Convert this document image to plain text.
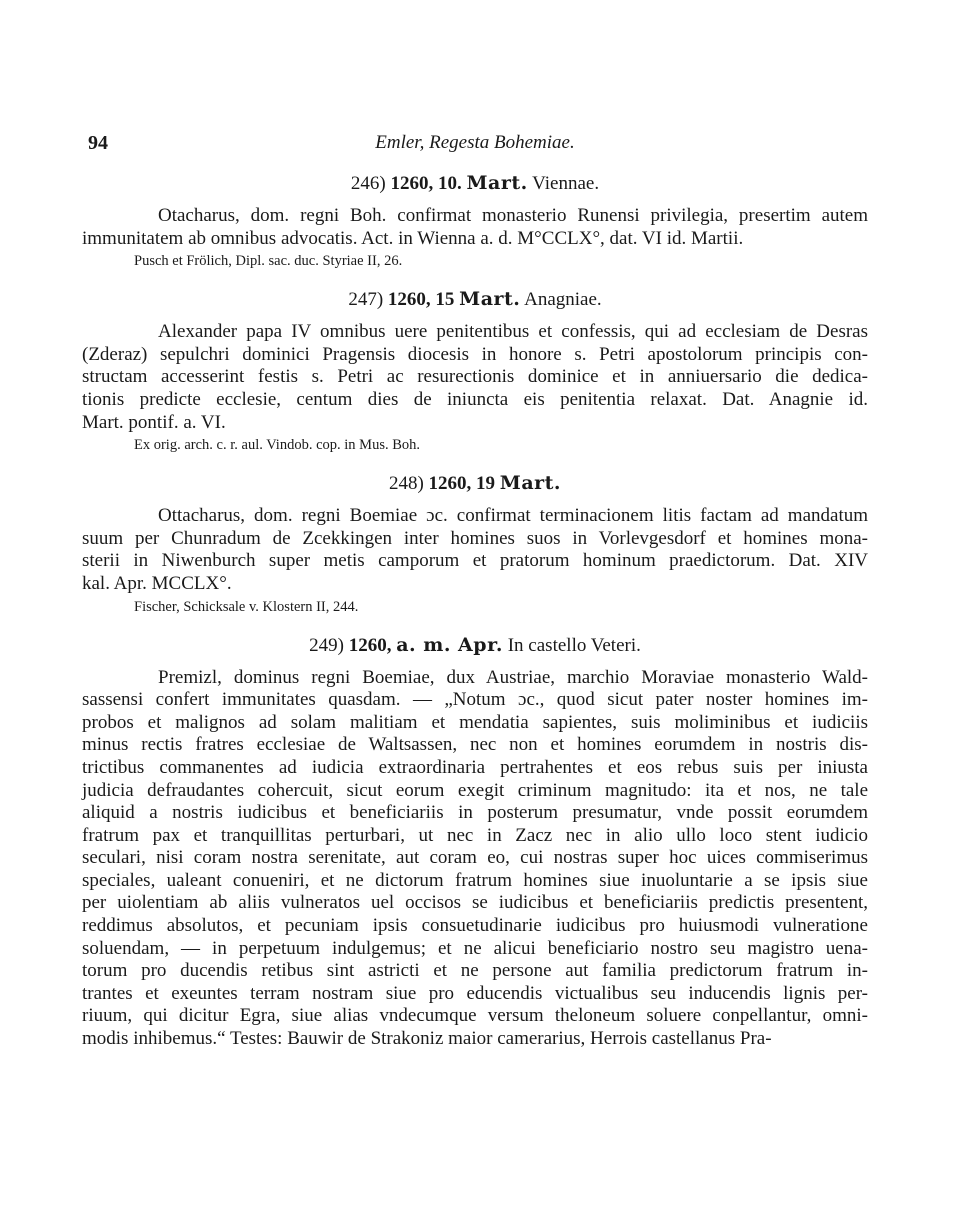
94	Emler, Regesta Bohemiae.
246) 1260, 10. Mart. Viennae.

Otacharus, dom. regni Boh. confirmat monasterio Runensi privilegia, presertim autem

immunitatem ab omnibus advocatis. Act. in Wienna a. d. M°CCLX°, dat. VI id. Martii.

Pusch et Frölich, Dipl. sac. duc. Styriae II, 26.
247) 1260, 15 Mart. Anagniae.

Alexander papa IV omnibus uere penitentibus et confessis, qui ad ecclesiam de Desras

(Zderaz) sepulchri dominici Pragensis diocesis in honore s. Petri apostolorum principis con-

structam accesserint festis s. Petri ac resurectionis dominice et in anniuersario die dedica-

tionis predicte ecclesie, centum dies de iniuncta eis penitentia relaxat. Dat. Anagnie id.

Mart. pontif. a. VI.

Ex orig. arch. c. r. aul. Vindob. cop. in Mus. Boh.
248) 1260, 19 Mart.

Ottacharus, dom. regni Boemiae ɔc. confirmat terminacionem litis factam ad mandatum

suum per Chunradum de Zcekkingen inter homines suos in Vorlevgesdorf et homines mona-

sterii in Niwenburch super metis camporum et pratorum hominum praedictorum. Dat. XIV

kal. Apr. MCCLX°.

Fischer, Schicksale v. Klostern II, 244.
249) 1260, a. m. Apr. In castello Veteri.

Premizl, dominus regni Boemiae, dux Austriae, marchio Moraviae monasterio Wald-

sassensi confert immunitates quasdam. — „Notum ɔc., quod sicut pater noster homines im-

probos et malignos ad solam malitiam et mendatia sapientes, suis moliminibus et iudiciis

minus rectis fratres ecclesiae de Waltsassen, nec non et homines eorumdem in nostris dis-

trictibus commanentes ad iudicia extraordinaria pertrahentes et eos rebus suis per iniusta

judicia defraudantes cohercuit, sicut eorum exegit criminum magnitudo: ita et nos, ne tale

aliquid a nostris iudicibus et beneficiariis in posterum presumatur, vnde possit eorumdem

fratrum pax et tranquillitas perturbari, ut nec in Zacz nec in alio ullo loco stent iudicio

seculari, nisi coram nostra serenitate, aut coram eo, cui nostras super hoc uices commiserimus

speciales, ualeant conueniri, et ne dictorum fratrum homines siue inuoluntarie a se ipsis siue

per uiolentiam ab aliis vulneratos uel occisos se iudicibus et beneficiariis predictis presentent,

reddimus absolutos, et pecuniam ipsis consuetudinarie iudicibus pro huiusmodi vulneratione

soluendam, — in perpetuum indulgemus; et ne alicui beneficiario nostro seu magistro uena-

torum pro ducendis retibus sint astricti et ne persone aut familia predictorum fratrum in-

trantes et exeuntes terram nostram siue pro educendis victualibus seu inducendis lignis per-

riuum, qui dicitur Egra, siue alias vndecumque versum theloneum soluere conpellantur, omni-

modis inhibemus.“ Testes: Bauwir de Strakoniz maior camerarius, Herrois castellanus Pra-
